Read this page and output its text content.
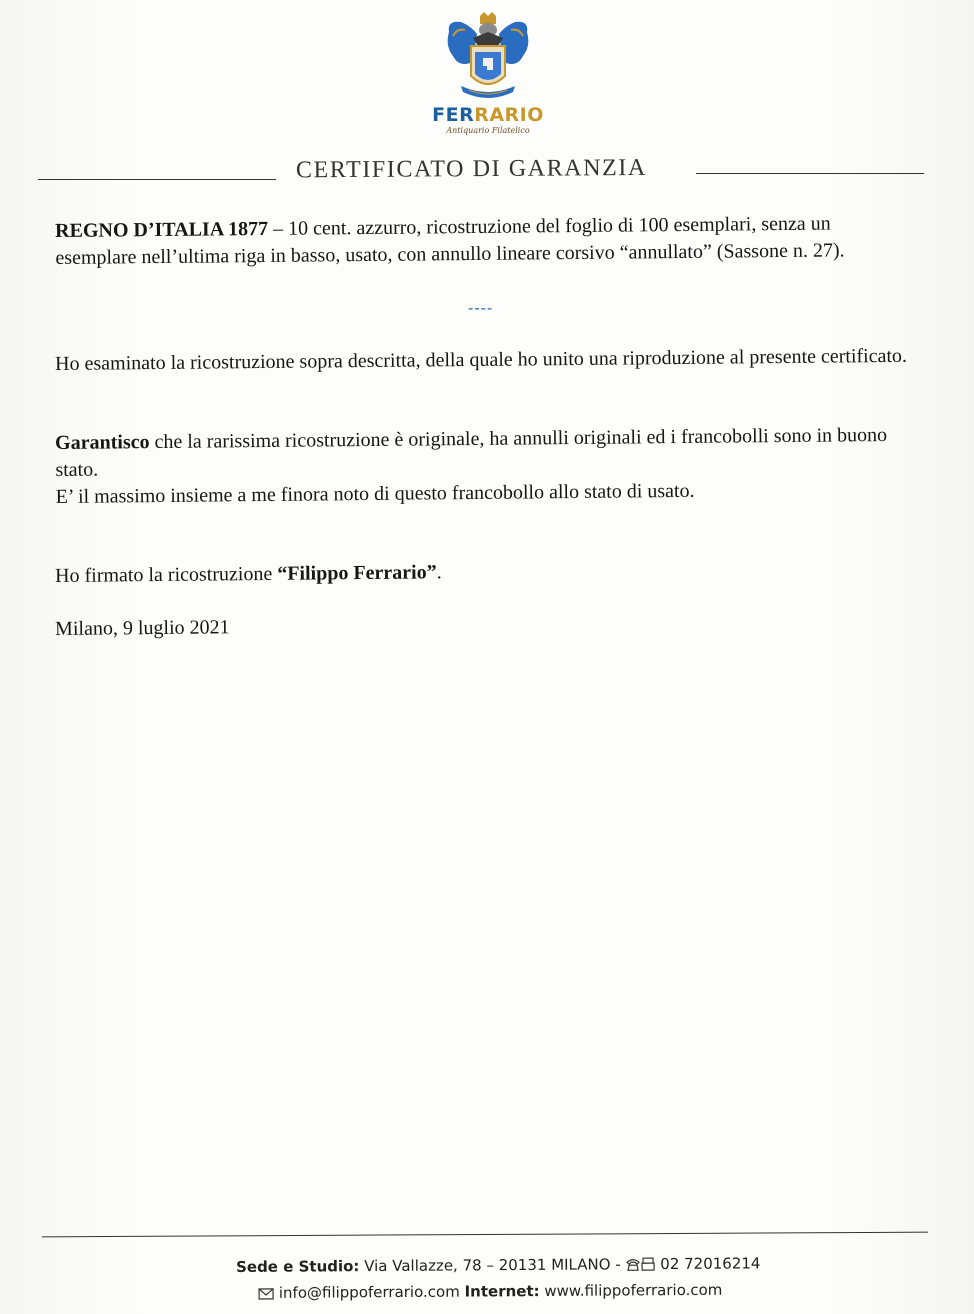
FERRARIO
Antiquario Filatelico
CERTIFICATO DI GARANZIA
REGNO D’ITALIA 1877 – 10 cent. azzurro, ricostruzione del foglio di 100 esemplari, senza un esemplare nell’ultima riga in basso, usato, con annullo lineare corsivo “annullato” (Sassone n. 27).
----
Ho esaminato la ricostruzione sopra descritta, della quale ho unito una riproduzione al presente certificato.
Garantisco che la rarissima ricostruzione è originale, ha annulli originali ed i francobolli sono in buono stato.
E’ il massimo insieme a me finora noto di questo francobollo allo stato di usato.
Ho firmato la ricostruzione “Filippo Ferrario”.
Milano, 9 luglio 2021
Sede e Studio: Via Vallazze, 78 – 20131 MILANO -  02 72016214
info@filippoferrario.com Internet: www.filippoferrario.com
